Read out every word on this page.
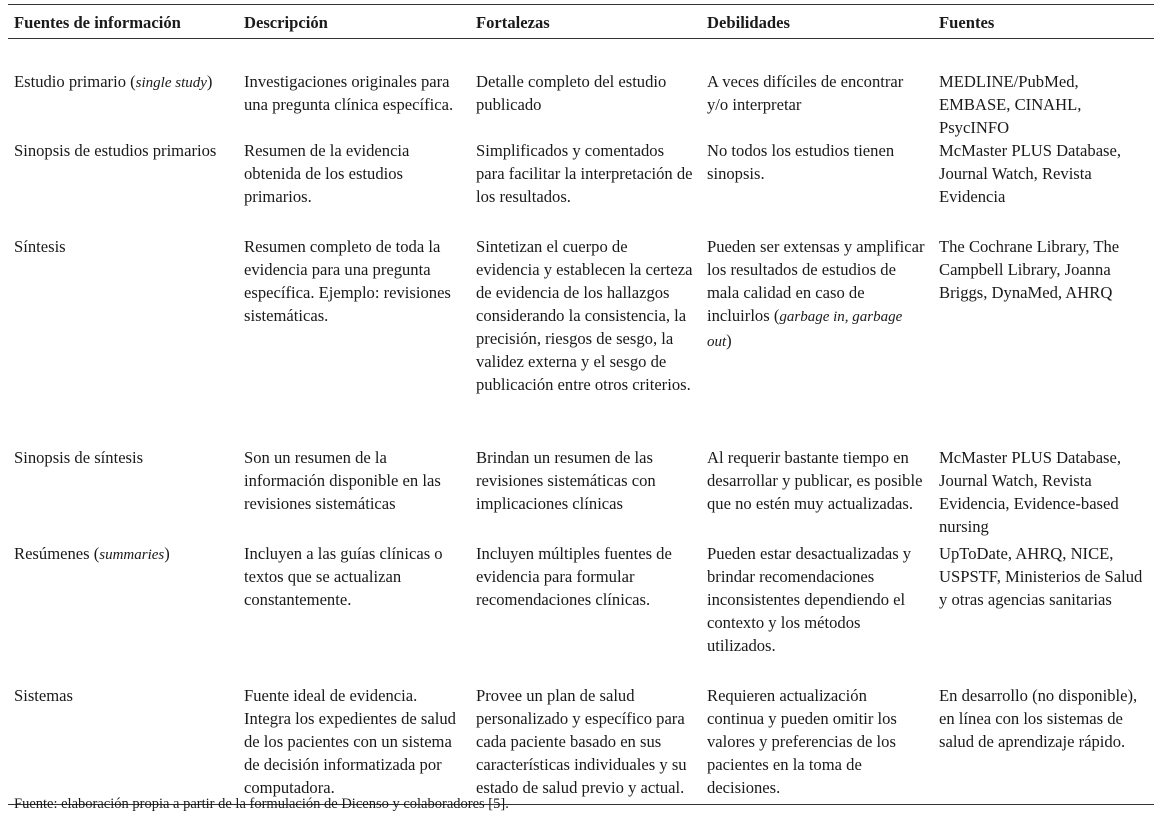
Fuentes de información	Descripción	Fortalezas	Debilidades	Fuentes
Estudio primario (single study)	Investigaciones originales para una pregunta clínica específica.	Detalle completo del estudio publicado	A veces difíciles de encontrar y/o interpretar	MEDLINE/PubMed, EMBASE, CINAHL, PsycINFO
Sinopsis de estudios primarios	Resumen de la evidencia obtenida de los estudios primarios.	Simplificados y comentados para facilitar la interpretación de los resultados.	No todos los estudios tienen sinopsis.	McMaster PLUS Database, Journal Watch, Revista Evidencia
Síntesis	Resumen completo de toda la evidencia para una pregunta específica. Ejemplo: revisiones sistemáticas.	Sintetizan el cuerpo de evidencia y establecen la certeza de evidencia de los hallazgos considerando la consistencia, la precisión, riesgos de sesgo, la validez externa y el sesgo de publicación entre otros criterios.	Pueden ser extensas y amplificar los resultados de estudios de mala calidad en caso de incluirlos (garbage in, garbage out)	The Cochrane Library, The Campbell Library, Joanna Briggs, DynaMed, AHRQ
Sinopsis de síntesis	Son un resumen de la información disponible en las revisiones sistemáticas	Brindan un resumen de las revisiones sistemáticas con implicaciones clínicas	Al requerir bastante tiempo en desarrollar y publicar, es posible que no estén muy actualizadas.	McMaster PLUS Database, Journal Watch, Revista Evidencia, Evidence-based nursing
Resúmenes (summaries)	Incluyen a las guías clínicas o textos que se actualizan constantemente.	Incluyen múltiples fuentes de evidencia para formular recomendaciones clínicas.	Pueden estar desactualizadas y brindar recomendaciones inconsistentes dependiendo el contexto y los métodos utilizados.	UpToDate, AHRQ, NICE, USPSTF, Ministerios de Salud y otras agencias sanitarias
Sistemas	Fuente ideal de evidencia. Integra los expedientes de salud de los pacientes con un sistema de decisión informatizada por computadora.	Provee un plan de salud personalizado y específico para cada paciente basado en sus características individuales y su estado de salud previo y actual.	Requieren actualización continua y pueden omitir los valores y preferencias de los pacientes en la toma de decisiones.	En desarrollo (no disponible), en línea con los sistemas de salud de aprendizaje rápido.
Fuente: elaboración propia a partir de la formulación de Dicenso y colaboradores [5].
